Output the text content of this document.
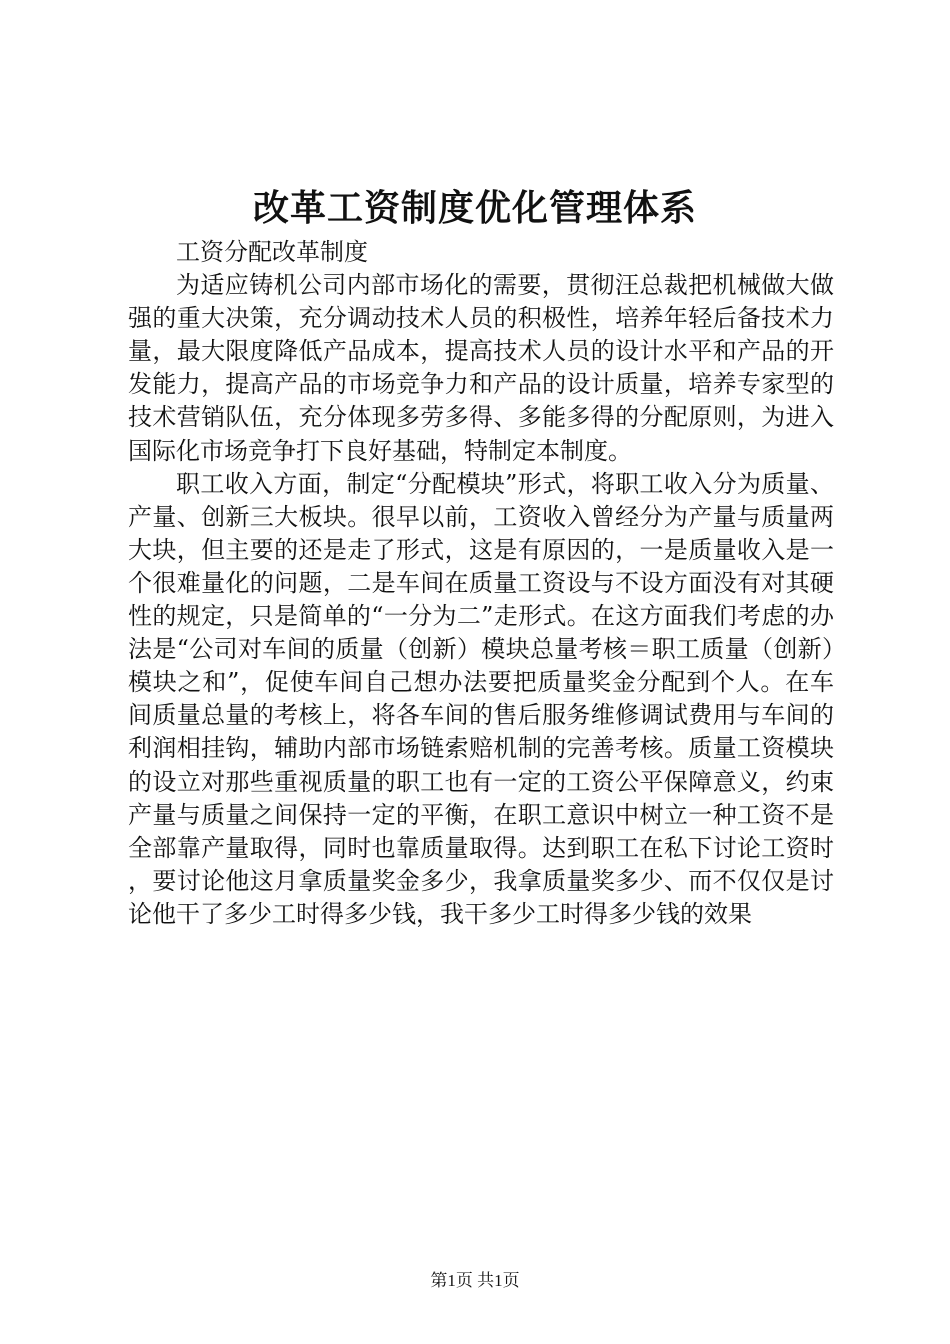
改革工资制度优化管理体系

工资分配改革制度

为适应铸机公司内部市场化的需要，贯彻汪总裁把机械做大做强的重大决策，充分调动技术人员的积极性，培养年轻后备技术力量，最大限度降低产品成本，提高技术人员的设计水平和产品的开发能力，提高产品的市场竞争力和产品的设计质量，培养专家型的技术营销队伍，充分体现多劳多得、多能多得的分配原则，为进入国际化市场竞争打下良好基础，特制定本制度。

职工收入方面，制定“分配模块”形式，将职工收入分为质量、产量、创新三大板块。很早以前，工资收入曾经分为产量与质量两大块，但主要的还是走了形式，这是有原因的，一是质量收入是一个很难量化的问题，二是车间在质量工资设与不设方面没有对其硬性的规定，只是简单的“一分为二”走形式。在这方面我们考虑的办法是“公司对车间的质量（创新）模块总量考核＝职工质量（创新）模块之和”，促使车间自己想办法要把质量奖金分配到个人。在车间质量总量的考核上，将各车间的售后服务维修调试费用与车间的利润相挂钩，辅助内部市场链索赔机制的完善考核。质量工资模块的设立对那些重视质量的职工也有一定的工资公平保障意义，约束产量与质量之间保持一定的平衡，在职工意识中树立一种工资不是全部靠产量取得，同时也靠质量取得。达到职工在私下讨论工资时，要讨论他这月拿质量奖金多少，我拿质量奖多少、而不仅仅是讨论他干了多少工时得多少钱，我干多少工时得多少钱的效果

第1页 共1页
